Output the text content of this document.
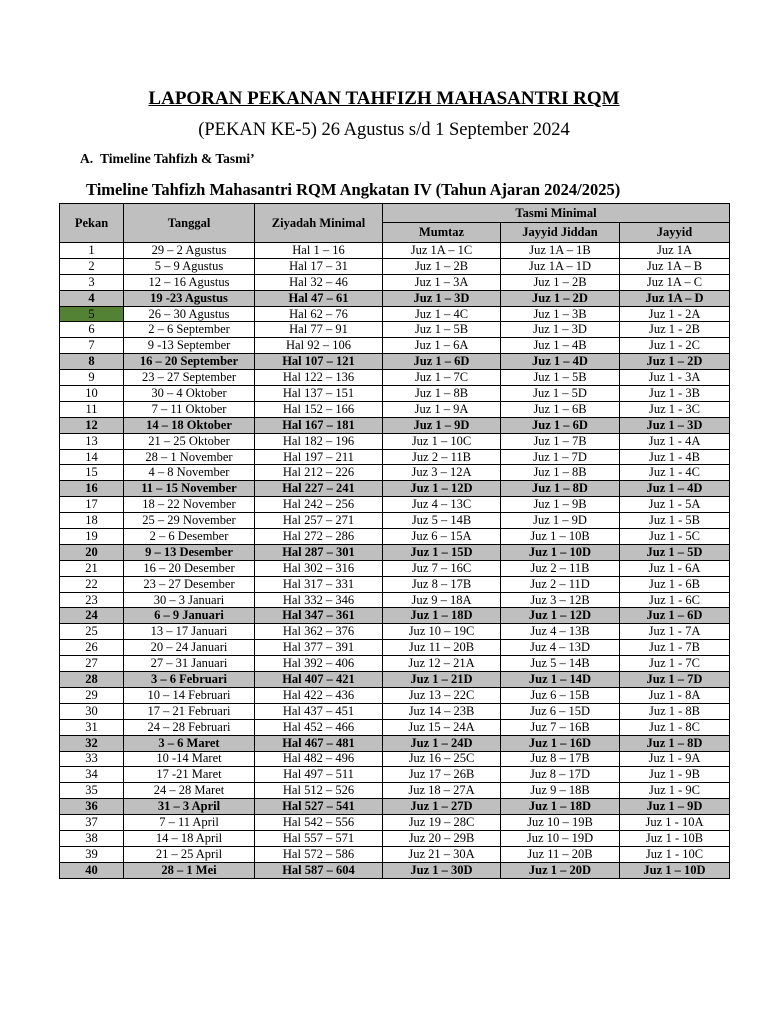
LAPORAN PEKANAN TAHFIZH MAHASANTRI RQM
(PEKAN KE-5) 26 Agustus s/d 1 September 2024
A. Timeline Tahfizh & Tasmi’
Timeline Tahfizh Mahasantri RQM Angkatan IV (Tahun Ajaran 2024/2025)
Pekan	Tanggal	Ziyadah Minimal	Tasmi Minimal		
			Mumtaz	Jayyid Jiddan	Jayyid
1	29 – 2 Agustus	Hal 1 – 16	Juz 1A – 1C	Juz 1A – 1B	Juz 1A
2	5 – 9 Agustus	Hal 17 – 31	Juz 1 – 2B	Juz 1A – 1D	Juz 1A – B
3	12 – 16 Agustus	Hal 32 – 46	Juz 1 – 3A	Juz 1 – 2B	Juz 1A – C
4	19 -23 Agustus	Hal 47 – 61	Juz 1 – 3D	Juz 1 – 2D	Juz 1A – D
5	26 – 30 Agustus	Hal 62 – 76	Juz 1 – 4C	Juz 1 – 3B	Juz 1 - 2A
6	2 – 6 September	Hal 77 – 91	Juz 1 – 5B	Juz 1 – 3D	Juz 1 - 2B
7	9 -13 September	Hal 92 – 106	Juz 1 – 6A	Juz 1 – 4B	Juz 1 - 2C
8	16 – 20 September	Hal 107 – 121	Juz 1 – 6D	Juz 1 – 4D	Juz 1 – 2D
9	23 – 27 September	Hal 122 – 136	Juz 1 – 7C	Juz 1 – 5B	Juz 1 - 3A
10	30 – 4 Oktober	Hal 137 – 151	Juz 1 – 8B	Juz 1 – 5D	Juz 1 - 3B
11	7 – 11 Oktober	Hal 152 – 166	Juz 1 – 9A	Juz 1 – 6B	Juz 1 - 3C
12	14 – 18 Oktober	Hal 167 – 181	Juz 1 – 9D	Juz 1 – 6D	Juz 1 – 3D
13	21 – 25 Oktober	Hal 182 – 196	Juz 1 – 10C	Juz 1 – 7B	Juz 1 - 4A
14	28 – 1 November	Hal 197 – 211	Juz 2 – 11B	Juz 1 – 7D	Juz 1 - 4B
15	4 – 8 November	Hal 212 – 226	Juz 3 – 12A	Juz 1 – 8B	Juz 1 - 4C
16	11 – 15 November	Hal 227 – 241	Juz 1 – 12D	Juz 1 – 8D	Juz 1 – 4D
17	18 – 22 November	Hal 242 – 256	Juz 4 – 13C	Juz 1 – 9B	Juz 1 - 5A
18	25 – 29 November	Hal 257 – 271	Juz 5 – 14B	Juz 1 – 9D	Juz 1 - 5B
19	2 – 6 Desember	Hal 272 – 286	Juz 6 – 15A	Juz 1 – 10B	Juz 1 - 5C
20	9 – 13 Desember	Hal 287 – 301	Juz 1 – 15D	Juz 1 – 10D	Juz 1 – 5D
21	16 – 20 Desember	Hal 302 – 316	Juz 7 – 16C	Juz 2 – 11B	Juz 1 - 6A
22	23 – 27 Desember	Hal 317 – 331	Juz 8 – 17B	Juz 2 – 11D	Juz 1 - 6B
23	30 – 3 Januari	Hal 332 – 346	Juz 9 – 18A	Juz 3 – 12B	Juz 1 - 6C
24	6 – 9 Januari	Hal 347 – 361	Juz 1 – 18D	Juz 1 – 12D	Juz 1 – 6D
25	13 – 17 Januari	Hal 362 – 376	Juz 10 – 19C	Juz 4 – 13B	Juz 1 - 7A
26	20 – 24 Januari	Hal 377 – 391	Juz 11 – 20B	Juz 4 – 13D	Juz 1 - 7B
27	27 – 31 Januari	Hal 392 – 406	Juz 12 – 21A	Juz 5 – 14B	Juz 1 - 7C
28	3 – 6 Februari	Hal 407 – 421	Juz 1 – 21D	Juz 1 – 14D	Juz 1 – 7D
29	10 – 14 Februari	Hal 422 – 436	Juz 13 – 22C	Juz 6 – 15B	Juz 1 - 8A
30	17 – 21 Februari	Hal 437 – 451	Juz 14 – 23B	Juz 6 – 15D	Juz 1 - 8B
31	24 – 28 Februari	Hal 452 – 466	Juz 15 – 24A	Juz 7 – 16B	Juz 1 - 8C
32	3 – 6 Maret	Hal 467 – 481	Juz 1 – 24D	Juz 1 – 16D	Juz 1 – 8D
33	10 -14 Maret	Hal 482 – 496	Juz 16 – 25C	Juz 8 – 17B	Juz 1 - 9A
34	17 -21 Maret	Hal 497 – 511	Juz 17 – 26B	Juz 8 – 17D	Juz 1 - 9B
35	24 – 28 Maret	Hal 512 – 526	Juz 18 – 27A	Juz 9 – 18B	Juz 1 - 9C
36	31 – 3 April	Hal 527 – 541	Juz 1 – 27D	Juz 1 – 18D	Juz 1 – 9D
37	7 – 11 April	Hal 542 – 556	Juz 19 – 28C	Juz 10 – 19B	Juz 1 - 10A
38	14 – 18 April	Hal 557 – 571	Juz 20 – 29B	Juz 10 – 19D	Juz 1 - 10B
39	21 – 25 April	Hal 572 – 586	Juz 21 – 30A	Juz 11 – 20B	Juz 1 - 10C
40	28 – 1 Mei	Hal 587 – 604	Juz 1 – 30D	Juz 1 – 20D	Juz 1 – 10D
